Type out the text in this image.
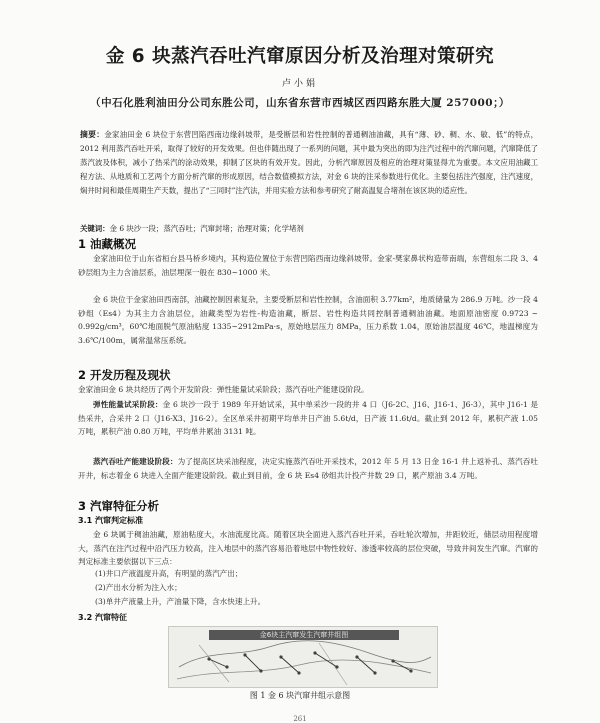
金 6 块蒸汽吞吐汽窜原因分析及治理对策研究
卢小娟
（中石化胜利油田分公司东胜公司，山东省东营市西城区西四路东胜大厦 257000；）
摘要：金家油田金 6 块位于东营凹陷西南边缘斜坡带，是受断层和岩性控制的普通稠油油藏，具有“薄、砂、稠、水、敏、低”的特点，2012 利用蒸汽吞吐开采，取得了较好的开发效果。但也伴随出现了一系列的问题，其中最为突出的即为注汽过程中的汽窜问题，汽窜降低了蒸汽波及体积，减小了热采汽的涂动效果，抑制了区块的有效开发。因此，分析汽窜原因及相应的治理对策显得尤为重要。本文应用油藏工程方法、从地质和工艺两个方面分析汽窜的形成原因，结合数值模拟方法，对金 6 块的注采参数进行优化。主要包括注汽强度，注汽速度，焖井时间和最佳周期生产天数，提出了“三同时”注汽法，并用实验方法和参考研究了耐高温复合堵剂在该区块的适应性。
关键词：金 6 块沙一段；蒸汽吞吐；汽窜封堵；治理对策；化学堵剂
1 油藏概况
金家油田位于山东省桓台县马桥乡境内，其构造位置位于东营凹陷西南边缘斜坡带。金家-樊家鼻状构造带南端，东营组东二段 3、4 砂层组为主力含油层系，油层埋深一般在 830~1000 米。
金 6 块位于金家油田西南部，油藏控制因素复杂，主要受断层和岩性控制，含油面积 3.77km²，地质储量为 286.9 万吨。沙一段 4 砂组（Es4）为其主力含油层位，油藏类型为岩性-构造油藏，断层、岩性构造共同控制普通稠油油藏。地面原油密度 0.9723 ~ 0.992g/cm³，60℃地面脱气原油粘度 1335~2912mPa·s，原始地层压力 8MPa，压力系数 1.04，原始油层温度 46℃，地温梯度为 3.6℃/100m，属常温常压系统。
2 开发历程及现状
金家油田金 6 块共经历了两个开发阶段：弹性能量试采阶段；蒸汽吞吐产能建设阶段。
弹性能量试采阶段：金 6 块沙一段于 1989 年开始试采，其中单采沙一段的井 4 口（J6-2C、J16、J16-1、J6-3），其中 J16-1 是热采井，合采井 2 口（J16-X3、J16-2）。全区单采井初期平均单井日产油 5.6t/d，日产液 11.6t/d。截止到 2012 年，累积产液 1.05 万吨，累积产油 0.80 万吨，平均单井累油 3131 吨。
蒸汽吞吐产能建设阶段：为了提高区块采油程度，决定实施蒸汽吞吐开采技术，2012 年 5 月 13 日金 16-1 井上返补孔、蒸汽吞吐开井，标志着金 6 块进入全面产能建设阶段。截止到目前，金 6 块 Es4 砂组共计投产井数 29 口，累产原油 3.4 万吨。
3 汽窜特征分析
3.1 汽窜判定标准
金 6 块属于稠油油藏，原油粘度大，水油流度比高。随着区块全面进入蒸汽吞吐开采，吞吐轮次增加，井距较近，储层动用程度增大，蒸汽在注汽过程中沿汽压力较高，注入地层中的蒸汽容易沿着地层中物性较好、渗透率较高的层位突破，导致井间发生汽窜。汽窜的判定标准主要依据以下三点：
(1)井口产液温度升高，有明显的蒸汽产出；
(2)产出水分析为注入水；
(3)单井产液量上升，产油量下降，含水快速上升。
3.2 汽窜特征
金6块主汽窜发生汽窜井组图
图 1 金 6 块汽窜井组示意图
261
